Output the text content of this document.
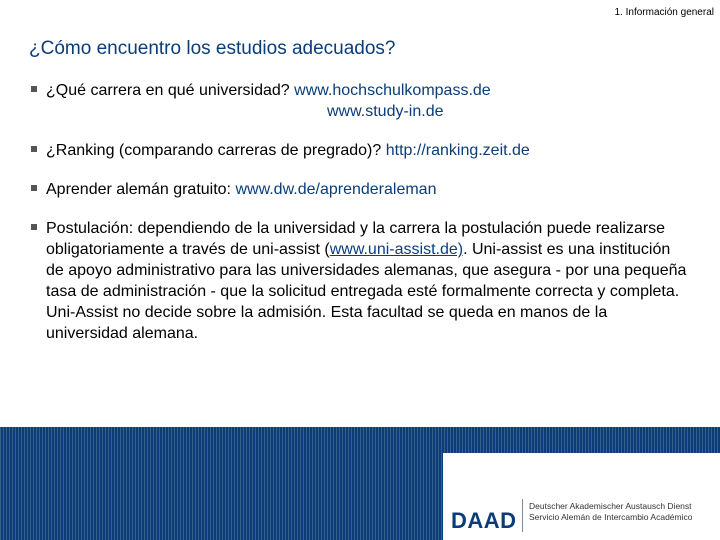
1. Información general
¿Cómo encuentro los estudios adecuados?

¿Qué carrera en qué universidad? www.hochschulkompass.de
www.study-in.de

¿Ranking (comparando carreras de pregrado)? http://ranking.zeit.de

Aprender alemán gratuito: www.dw.de/aprenderaleman

Postulación: dependiendo de la universidad y la carrera la postulación puede realizarse obligatoriamente a través de uni-assist (www.uni-assist.de). Uni-assist es una institución de apoyo administrativo para las universidades alemanas, que asegura - por una pequeña tasa de administración - que la solicitud entregada esté formalmente correcta y completa.
Uni-Assist no decide sobre la admisión. Esta facultad se queda en manos de la universidad alemana.

DAAD
Deutscher Akademischer Austausch Dienst
Servicio Alemán de Intercambio Académico
